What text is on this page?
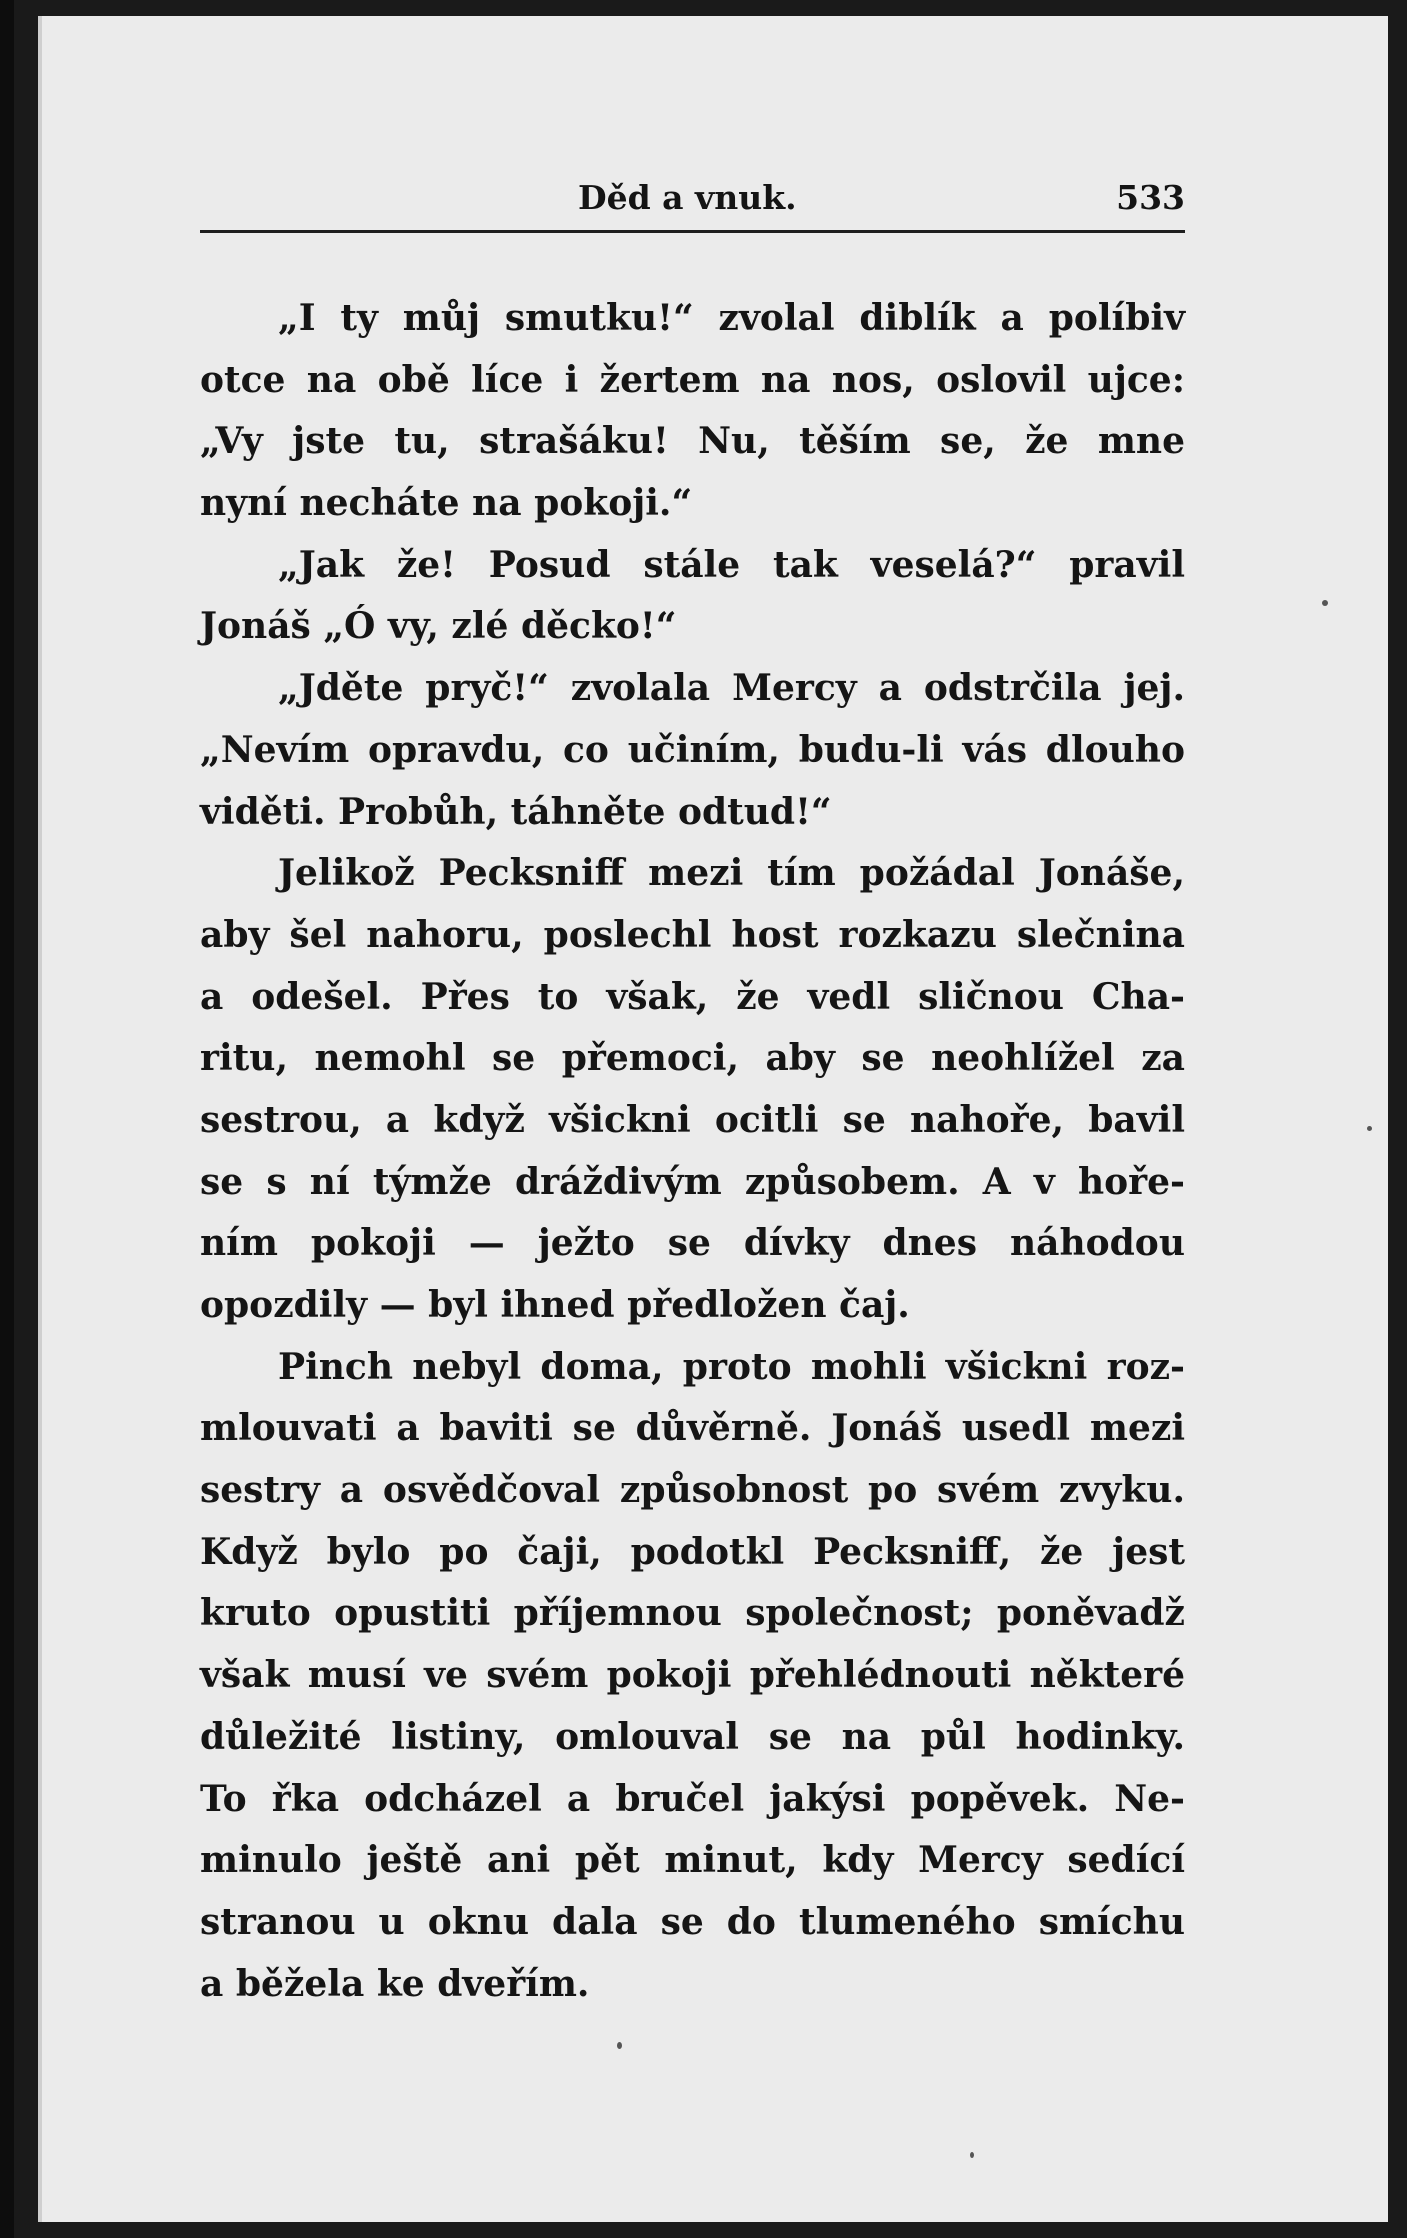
Děd a vnuk.	533
„I ty můj smutku!“ zvolal diblík a políbiv
otce na obě líce i žertem na nos, oslovil ujce:
„Vy jste tu, strašáku! Nu, těším se, že mne
nyní necháte na pokoji.“
„Jak že! Posud stále tak veselá?“ pravil
Jonáš „Ó vy, zlé děcko!“
„Jděte pryč!“ zvolala Mercy a odstrčila jej.
„Nevím opravdu, co učiním, budu-li vás dlouho
viděti. Probůh, táhněte odtud!“
Jelikož Pecksniff mezi tím požádal Jonáše,
aby šel nahoru, poslechl host rozkazu slečnina
a odešel. Přes to však, že vedl sličnou Cha-
ritu, nemohl se přemoci, aby se neohlížel za
sestrou, a když všickni ocitli se nahoře, bavil
se s ní týmže dráždivým způsobem. A v hoře-
ním pokoji — ježto se dívky dnes náhodou
opozdily — byl ihned předložen čaj.
Pinch nebyl doma, proto mohli všickni roz-
mlouvati a baviti se důvěrně. Jonáš usedl mezi
sestry a osvědčoval způsobnost po svém zvyku.
Když bylo po čaji, podotkl Pecksniff, že jest
kruto opustiti příjemnou společnost; poněvadž
však musí ve svém pokoji přehlédnouti některé
důležité listiny, omlouval se na půl hodinky.
To řka odcházel a bručel jakýsi popěvek. Ne-
minulo ještě ani pět minut, kdy Mercy sedící
stranou u oknu dala se do tlumeného smíchu
a běžela ke dveřím.
